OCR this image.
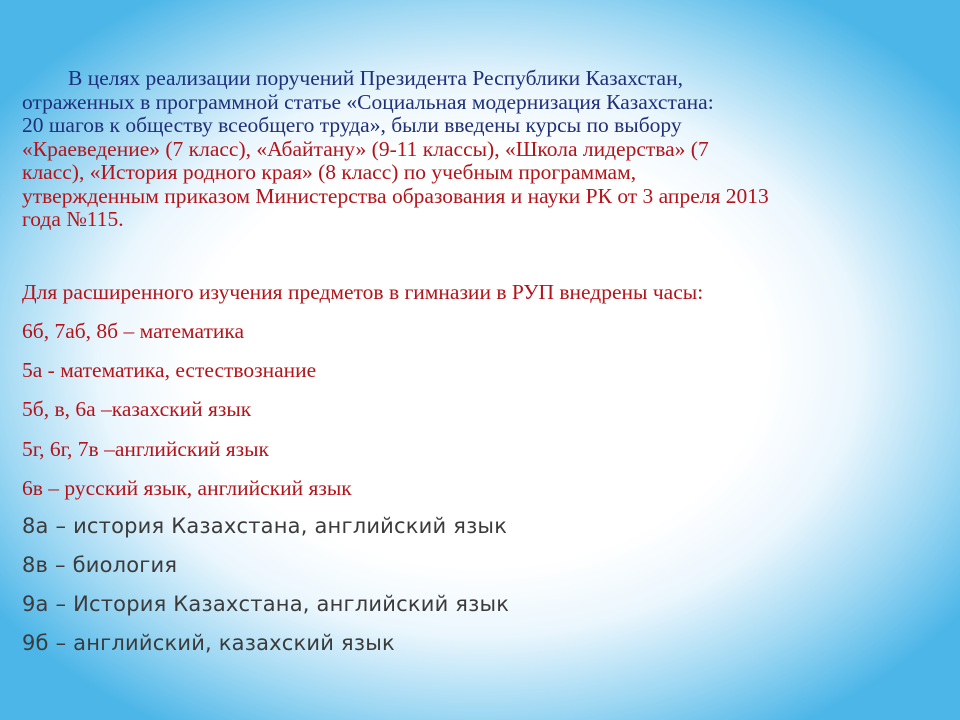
В целях реализации поручений Президента Республики Казахстан,
отраженных в программной статье «Социальная модернизация Казахстана:
20 шагов к обществу всеобщего труда», были введены курсы по выбору
«Краеведение» (7 класс), «Абайтану» (9-11 классы), «Школа лидерства» (7
класс), «История родного края» (8 класс) по учебным программам,
утвержденным приказом Министерства образования и науки РК от 3 апреля 2013
года №115.

Для расширенного изучения предметов в гимназии в РУП внедрены часы:

6б, 7аб, 8б – математика

5а - математика, естествознание

5б, в, 6а –казахский язык

5г, 6г, 7в –английский язык

6в – русский язык, английский язык

8а – история Казахстана, английский язык

8в – биология

9а – История Казахстана, английский язык

9б – английский, казахский язык
